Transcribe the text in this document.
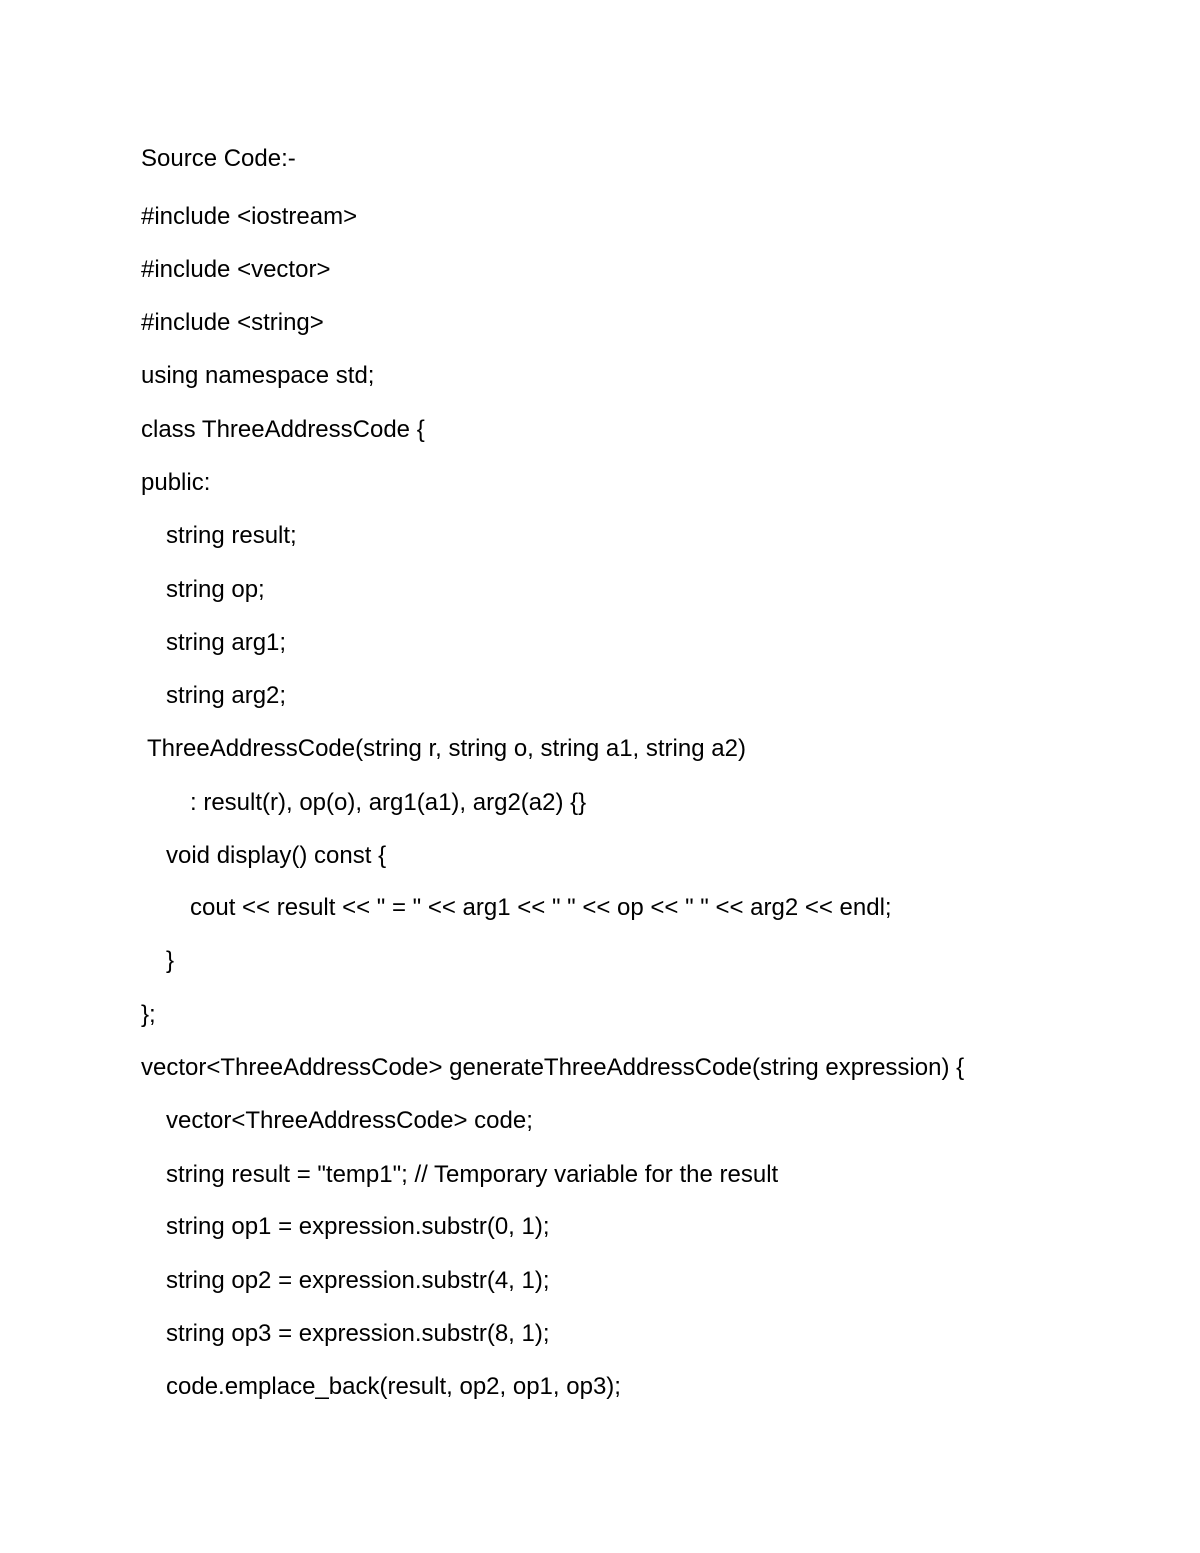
Source Code:-
#include <iostream>
#include <vector>
#include <string>
using namespace std;
class ThreeAddressCode {
public:
string result;
string op;
string arg1;
string arg2;
ThreeAddressCode(string r, string o, string a1, string a2)
: result(r), op(o), arg1(a1), arg2(a2) {}
void display() const {
cout << result << " = " << arg1 << " " << op << " " << arg2 << endl;
}
};
vector<ThreeAddressCode> generateThreeAddressCode(string expression) {
vector<ThreeAddressCode> code;
string result = "temp1"; // Temporary variable for the result
string op1 = expression.substr(0, 1);
string op2 = expression.substr(4, 1);
string op3 = expression.substr(8, 1);
code.emplace_back(result, op2, op1, op3);
